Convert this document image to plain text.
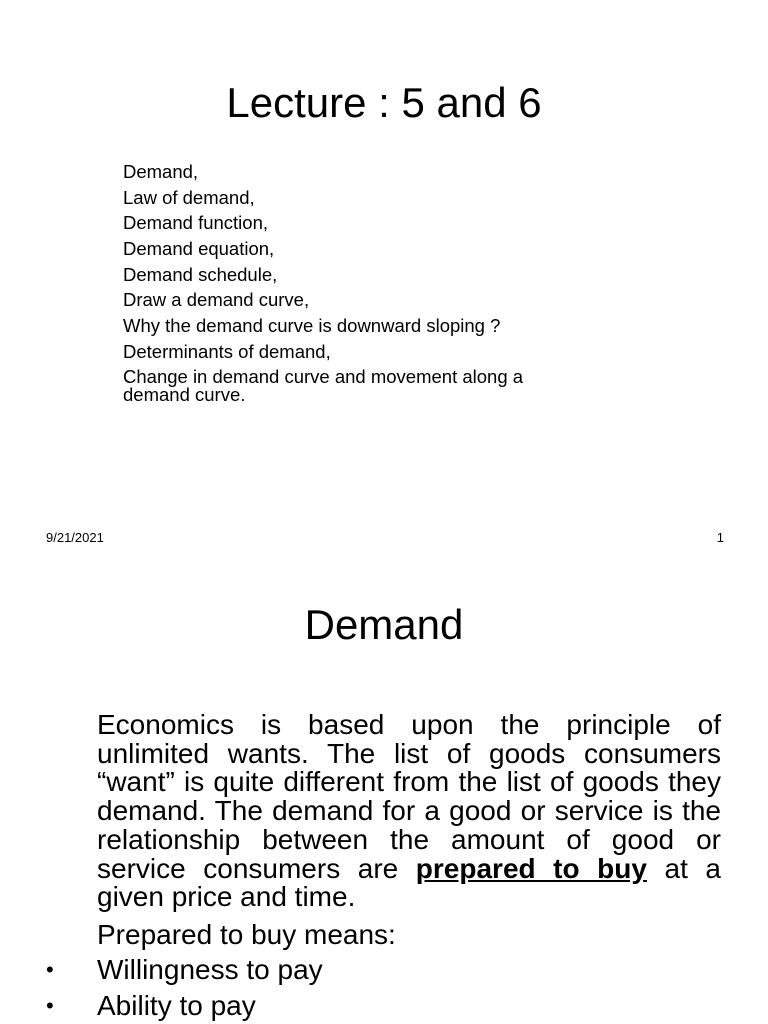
Lecture : 5 and 6
Demand,
Law of demand,
Demand function,
Demand equation,
Demand schedule,
Draw a demand curve,
Why the demand curve is downward sloping ?
Determinants of demand,
Change in demand curve and movement along a
demand curve.
9/21/2021	1
Demand

Economics is based upon the principle of unlimited wants. The list of goods consumers “want” is quite different from the list of goods they demand. The demand for a good or service is the relationship between the amount of good or service consumers are prepared to buy at a given price and time.

Prepared to buy means:
• Willingness to pay
• Ability to pay
